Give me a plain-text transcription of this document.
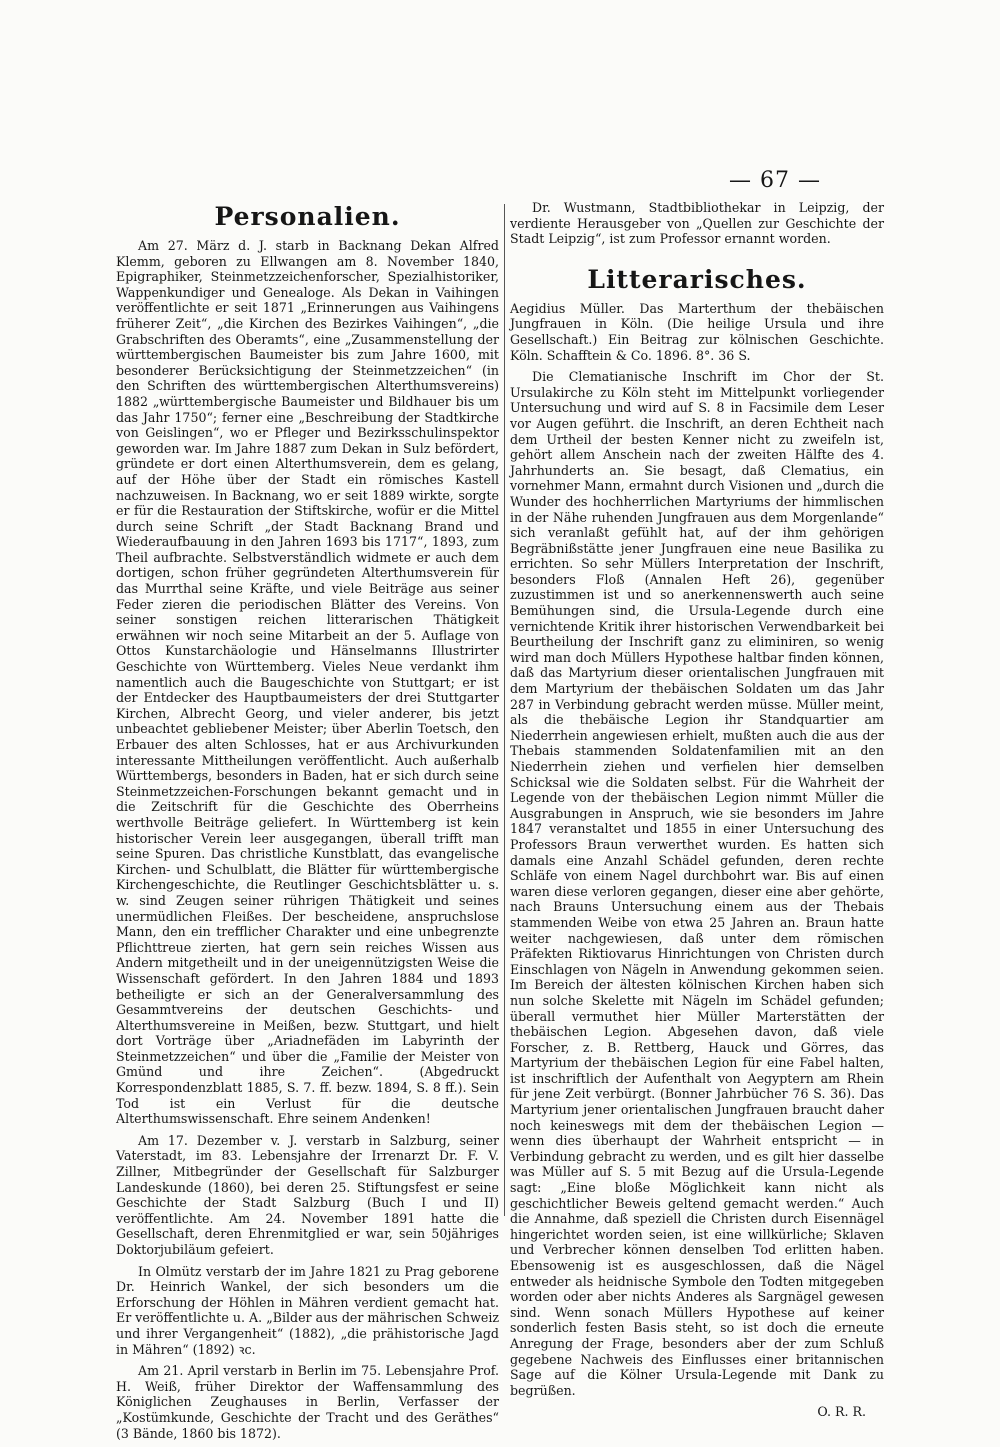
— 67 —
Personalien.

Am 27. März d. J. starb in Backnang Dekan Alfred Klemm, geboren zu Ellwangen am 8. November 1840, Epigraphiker, Steinmetzzeichenforscher, Spezialhistoriker, Wappenkundiger und Genealoge. Als Dekan in Vaihingen veröffentlichte er seit 1871 „Erinnerungen aus Vaihingens früherer Zeit“, „die Kirchen des Bezirkes Vaihingen“, „die Grabschriften des Oberamts“, eine „Zusammenstellung der württembergischen Baumeister bis zum Jahre 1600, mit besonderer Berücksichtigung der Steinmetzzeichen“ (in den Schriften des württembergischen Alterthumsvereins) 1882 „württembergische Baumeister und Bildhauer bis um das Jahr 1750“; ferner eine „Beschreibung der Stadtkirche von Geislingen“, wo er Pfleger und Bezirksschulinspektor geworden war. Im Jahre 1887 zum Dekan in Sulz befördert, gründete er dort einen Alterthumsverein, dem es gelang, auf der Höhe über der Stadt ein römisches Kastell nachzuweisen. In Backnang, wo er seit 1889 wirkte, sorgte er für die Restauration der Stiftskirche, wofür er die Mittel durch seine Schrift „der Stadt Backnang Brand und Wiederaufbauung in den Jahren 1693 bis 1717“, 1893, zum Theil aufbrachte. Selbstverständlich widmete er auch dem dortigen, schon früher gegründeten Alterthumsverein für das Murrthal seine Kräfte, und viele Beiträge aus seiner Feder zieren die periodischen Blätter des Vereins. Von seiner sonstigen reichen litterarischen Thätigkeit erwähnen wir noch seine Mitarbeit an der 5. Auflage von Ottos Kunstarchäologie und Hänselmanns Illustrirter Geschichte von Württemberg. Vieles Neue verdankt ihm namentlich auch die Baugeschichte von Stuttgart; er ist der Entdecker des Hauptbaumeisters der drei Stuttgarter Kirchen, Albrecht Georg, und vieler anderer, bis jetzt unbeachtet gebliebener Meister; über Aberlin Toetsch, den Erbauer des alten Schlosses, hat er aus Archivurkunden interessante Mittheilungen veröffentlicht. Auch außerhalb Württembergs, besonders in Baden, hat er sich durch seine Steinmetzzeichen-Forschungen bekannt gemacht und in die Zeitschrift für die Geschichte des Oberrheins werthvolle Beiträge geliefert. In Württemberg ist kein historischer Verein leer ausgegangen, überall trifft man seine Spuren. Das christliche Kunstblatt, das evangelische Kirchen- und Schulblatt, die Blätter für württembergische Kirchengeschichte, die Reutlinger Geschichtsblätter u. s. w. sind Zeugen seiner rührigen Thätigkeit und seines unermüdlichen Fleißes. Der bescheidene, anspruchslose Mann, den ein trefflicher Charakter und eine unbegrenzte Pflichttreue zierten, hat gern sein reiches Wissen aus Andern mitgetheilt und in der uneigennützigsten Weise die Wissenschaft gefördert. In den Jahren 1884 und 1893 betheiligte er sich an der Generalversammlung des Gesammtvereins der deutschen Geschichts- und Alterthumsvereine in Meißen, bezw. Stuttgart, und hielt dort Vorträge über „Ariadnefäden im Labyrinth der Steinmetzzeichen“ und über die „Familie der Meister von Gmünd und ihre Zeichen“. (Abgedruckt Korrespondenzblatt 1885, S. 7. ff. bezw. 1894, S. 8 ff.). Sein Tod ist ein Verlust für die deutsche Alterthumswissenschaft. Ehre seinem Andenken!

Am 17. Dezember v. J. verstarb in Salzburg, seiner Vaterstadt, im 83. Lebensjahre der Irrenarzt Dr. F. V. Zillner, Mitbegründer der Gesellschaft für Salzburger Landeskunde (1860), bei deren 25. Stiftungsfest er seine Geschichte der Stadt Salzburg (Buch I und II) veröffentlichte. Am 24. November 1891 hatte die Gesellschaft, deren Ehrenmitglied er war, sein 50jähriges Doktorjubiläum gefeiert.

In Olmütz verstarb der im Jahre 1821 zu Prag geborene Dr. Heinrich Wankel, der sich besonders um die Erforschung der Höhlen in Mähren verdient gemacht hat. Er veröffentlichte u. A. „Bilder aus der mährischen Schweiz und ihrer Vergangenheit“ (1882), „die prähistorische Jagd in Mähren“ (1892) ꝛc.

Am 21. April verstarb in Berlin im 75. Lebensjahre Prof. H. Weiß, früher Direktor der Waffensammlung des Königlichen Zeughauses in Berlin, Verfasser der „Kostümkunde, Geschichte der Tracht und des Geräthes“ (3 Bände, 1860 bis 1872).

Dr. Wustmann, Stadtbibliothekar in Leipzig, der verdiente Herausgeber von „Quellen zur Geschichte der Stadt Leipzig“, ist zum Professor ernannt worden.

Litterarisches.

Aegidius Müller. Das Marterthum der thebäischen Jungfrauen in Köln. (Die heilige Ursula und ihre Gesellschaft.) Ein Beitrag zur kölnischen Geschichte. Köln. Schafftein & Co. 1896. 8°. 36 S.

Die Clematianische Inschrift im Chor der St. Ursulakirche zu Köln steht im Mittelpunkt vorliegender Untersuchung und wird auf S. 8 in Facsimile dem Leser vor Augen geführt. die Inschrift, an deren Echtheit nach dem Urtheil der besten Kenner nicht zu zweifeln ist, gehört allem Anschein nach der zweiten Hälfte des 4. Jahrhunderts an. Sie besagt, daß Clematius, ein vornehmer Mann, ermahnt durch Visionen und „durch die Wunder des hochherrlichen Martyriums der himmlischen in der Nähe ruhenden Jungfrauen aus dem Morgenlande“ sich veranlaßt gefühlt hat, auf der ihm gehörigen Begräbnißstätte jener Jungfrauen eine neue Basilika zu errichten. So sehr Müllers Interpretation der Inschrift, besonders Floß (Annalen Heft 26), gegenüber zuzustimmen ist und so anerkennenswerth auch seine Bemühungen sind, die Ursula-Legende durch eine vernichtende Kritik ihrer historischen Verwendbarkeit bei Beurtheilung der Inschrift ganz zu eliminiren, so wenig wird man doch Müllers Hypothese haltbar finden können, daß das Martyrium dieser orientalischen Jungfrauen mit dem Martyrium der thebäischen Soldaten um das Jahr 287 in Verbindung gebracht werden müsse. Müller meint, als die thebäische Legion ihr Standquartier am Niederrhein angewiesen erhielt, mußten auch die aus der Thebais stammenden Soldatenfamilien mit an den Niederrhein ziehen und verfielen hier demselben Schicksal wie die Soldaten selbst. Für die Wahrheit der Legende von der thebäischen Legion nimmt Müller die Ausgrabungen in Anspruch, wie sie besonders im Jahre 1847 veranstaltet und 1855 in einer Untersuchung des Professors Braun verwerthet wurden. Es hatten sich damals eine Anzahl Schädel gefunden, deren rechte Schläfe von einem Nagel durchbohrt war. Bis auf einen waren diese verloren gegangen, dieser eine aber gehörte, nach Brauns Untersuchung einem aus der Thebais stammenden Weibe von etwa 25 Jahren an. Braun hatte weiter nachgewiesen, daß unter dem römischen Präfekten Riktiovarus Hinrichtungen von Christen durch Einschlagen von Nägeln in Anwendung gekommen seien. Im Bereich der ältesten kölnischen Kirchen haben sich nun solche Skelette mit Nägeln im Schädel gefunden; überall vermuthet hier Müller Marterstätten der thebäischen Legion. Abgesehen davon, daß viele Forscher, z. B. Rettberg, Hauck und Görres, das Martyrium der thebäischen Legion für eine Fabel halten, ist inschriftlich der Aufenthalt von Aegyptern am Rhein für jene Zeit verbürgt. (Bonner Jahrbücher 76 S. 36). Das Martyrium jener orientalischen Jungfrauen braucht daher noch keineswegs mit dem der thebäischen Legion — wenn dies überhaupt der Wahrheit entspricht — in Verbindung gebracht zu werden, und es gilt hier dasselbe was Müller auf S. 5 mit Bezug auf die Ursula-Legende sagt: „Eine bloße Möglichkeit kann nicht als geschichtlicher Beweis geltend gemacht werden.“ Auch die Annahme, daß speziell die Christen durch Eisennägel hingerichtet worden seien, ist eine willkürliche; Sklaven und Verbrecher können denselben Tod erlitten haben. Ebensowenig ist es ausgeschlossen, daß die Nägel entweder als heidnische Symbole den Todten mitgegeben worden oder aber nichts Anderes als Sargnägel gewesen sind. Wenn sonach Müllers Hypothese auf keiner sonderlich festen Basis steht, so ist doch die erneute Anregung der Frage, besonders aber der zum Schluß gegebene Nachweis des Einflusses einer britannischen Sage auf die Kölner Ursula-Legende mit Dank zu begrüßen.

O. R. R.
